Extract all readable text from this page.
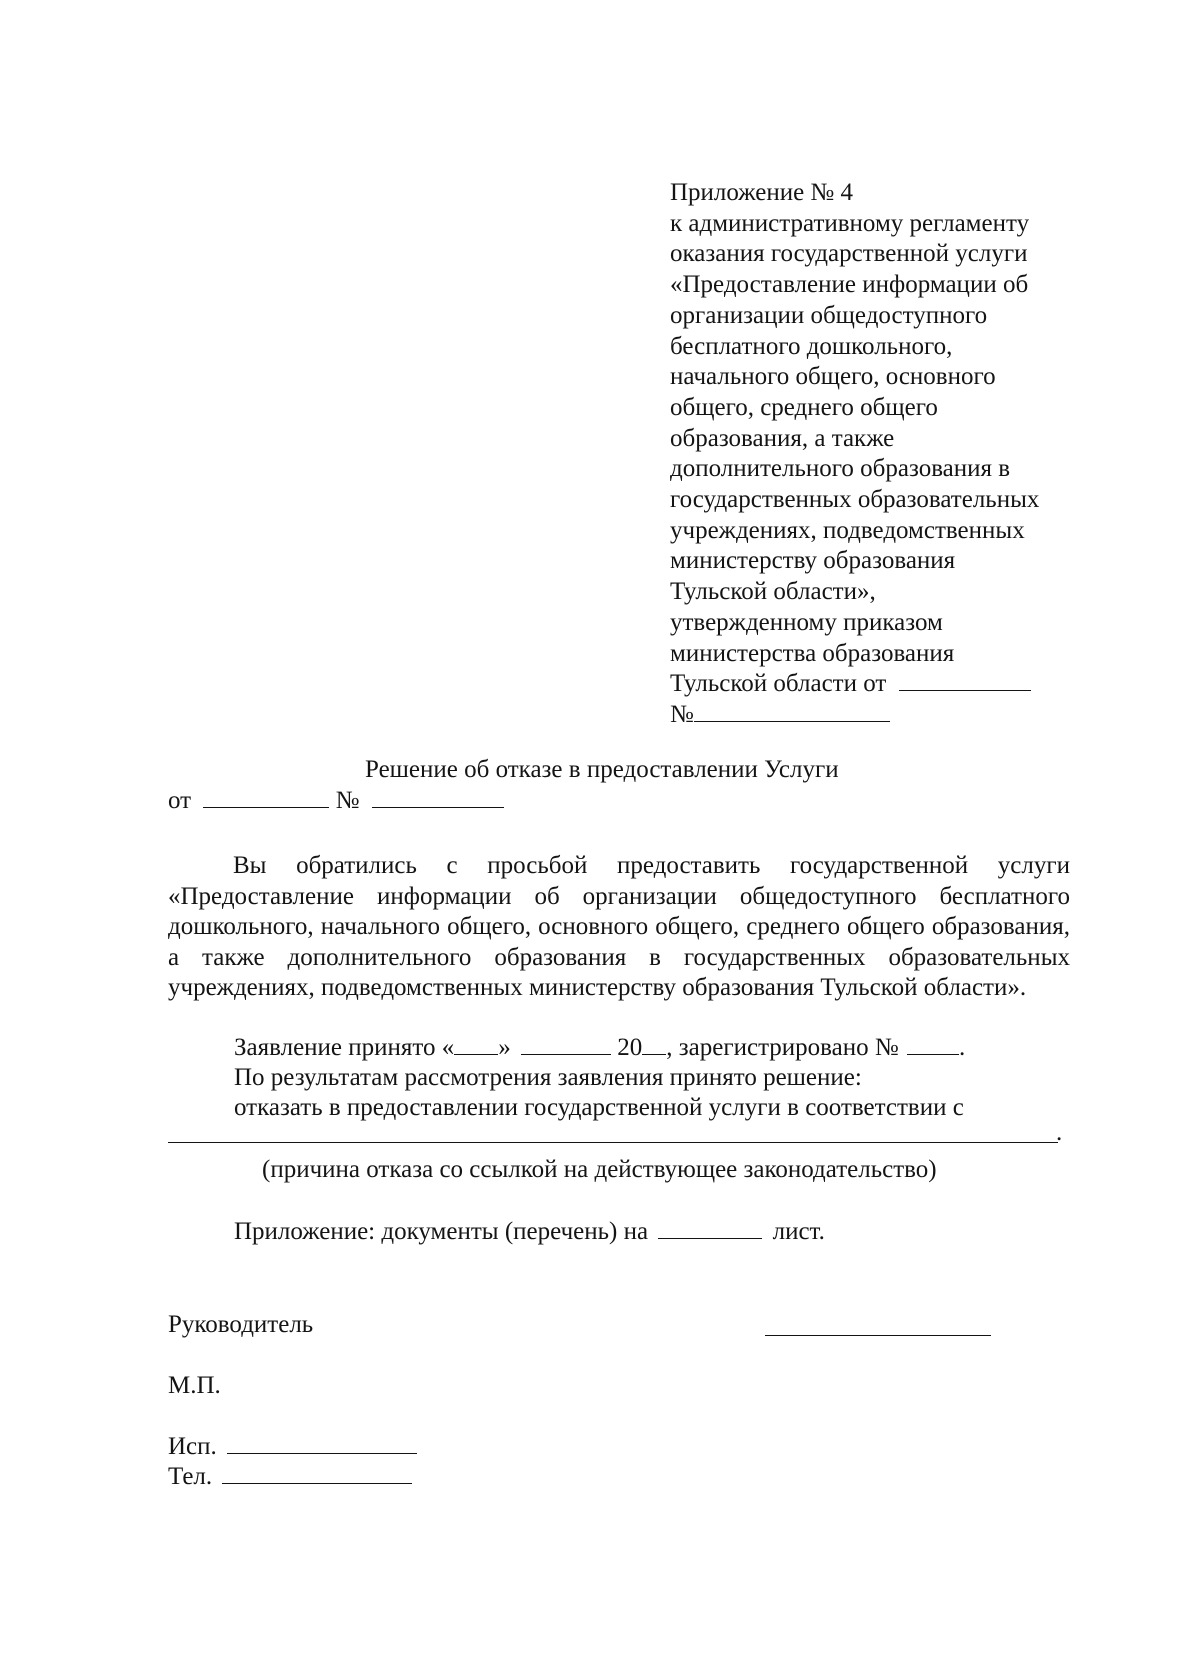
Приложение № 4
к административному регламенту
оказания государственной услуги
«Предоставление информации об
организации общедоступного
бесплатного дошкольного,
начального общего, основного
общего, среднего общего
образования, а также
дополнительного образования в
государственных образовательных
учреждениях, подведомственных
министерству образования
Тульской области»,
утвержденному приказом
министерства образования
Тульской области от
№
Решение об отказе в предоставлении Услуги
от	№

Вы обратились с просьбой предоставить государственной услуги «Предоставление информации об организации общедоступного бесплатного дошкольного, начального общего, основного общего, среднего общего образования, а также дополнительного образования в государственных образовательных учреждениях, подведомственных министерству образования Тульской области».

Заявление принято « »	20 , зарегистрировано № .
По результатам рассмотрения заявления принято решение:
отказать в предоставлении государственной услуги в соответствии с
.
(причина отказа со ссылкой на действующее законодательство)
Приложение: документы (перечень) на	лист.
Руководитель
М.П.
Исп.
Тел.
